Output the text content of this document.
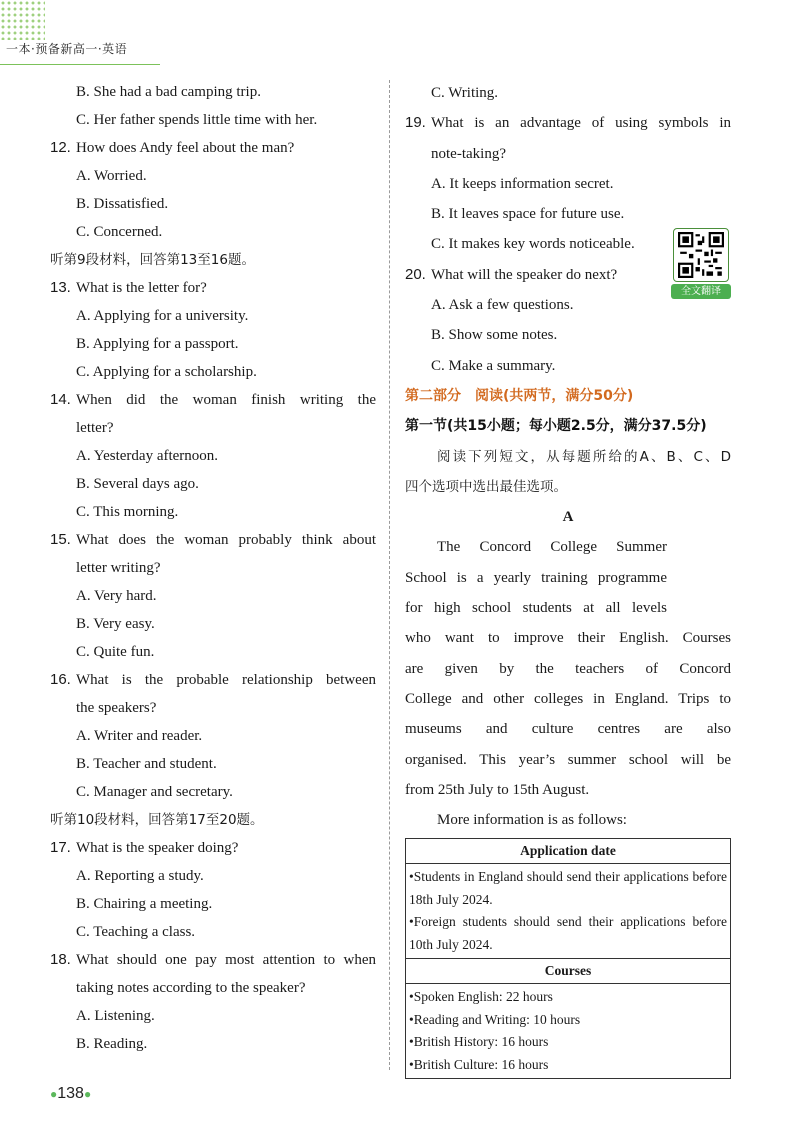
一本·预备新高一·英语
B. She had a bad camping trip.
C. Her father spends little time with her.
12. How does Andy feel about the man?
A. Worried.
B. Dissatisfied.
C. Concerned.
听第9段材料，回答第13至16题。
13. What is the letter for?
A. Applying for a university.
B. Applying for a passport.
C. Applying for a scholarship.
14. When did the woman finish writing the
letter?
A. Yesterday afternoon.
B. Several days ago.
C. This morning.
15. What does the woman probably think about
letter writing?
A. Very hard.
B. Very easy.
C. Quite fun.
16. What is the probable relationship between
the speakers?
A. Writer and reader.
B. Teacher and student.
C. Manager and secretary.
听第10段材料，回答第17至20题。
17. What is the speaker doing?
A. Reporting a study.
B. Chairing a meeting.
C. Teaching a class.
18. What should one pay most attention to when
taking notes according to the speaker?
A. Listening.
B. Reading.
C. Writing.
19. What is an advantage of using symbols in
note-taking?
A. It keeps information secret.
B. It leaves space for future use.
C. It makes key words noticeable.
20. What will the speaker do next?
A. Ask a few questions.
B. Show some notes.
C. Make a summary.
第二部分　阅读(共两节，满分50分)
第一节(共15小题；每小题2.5分，满分37.5分)
阅读下列短文，从每题所给的A、B、C、D
四个选项中选出最佳选项。
A
The Concord College Summer
School is a yearly training programme
for high school students at all levels
who want to improve their English. Courses
are given by the teachers of Concord
College and other colleges in England. Trips to
museums and culture centres are also
organised. This year’s summer school will be
from 25th July to 15th August.
More information is as follows:
全文翻译
Application date

•Students in England should send their applications before 18th July 2024.
•Foreign students should send their applications before 10th July 2024.

Courses

•Spoken English: 22 hours
•Reading and Writing: 10 hours
•British History: 16 hours
•British Culture: 16 hours
●138●
